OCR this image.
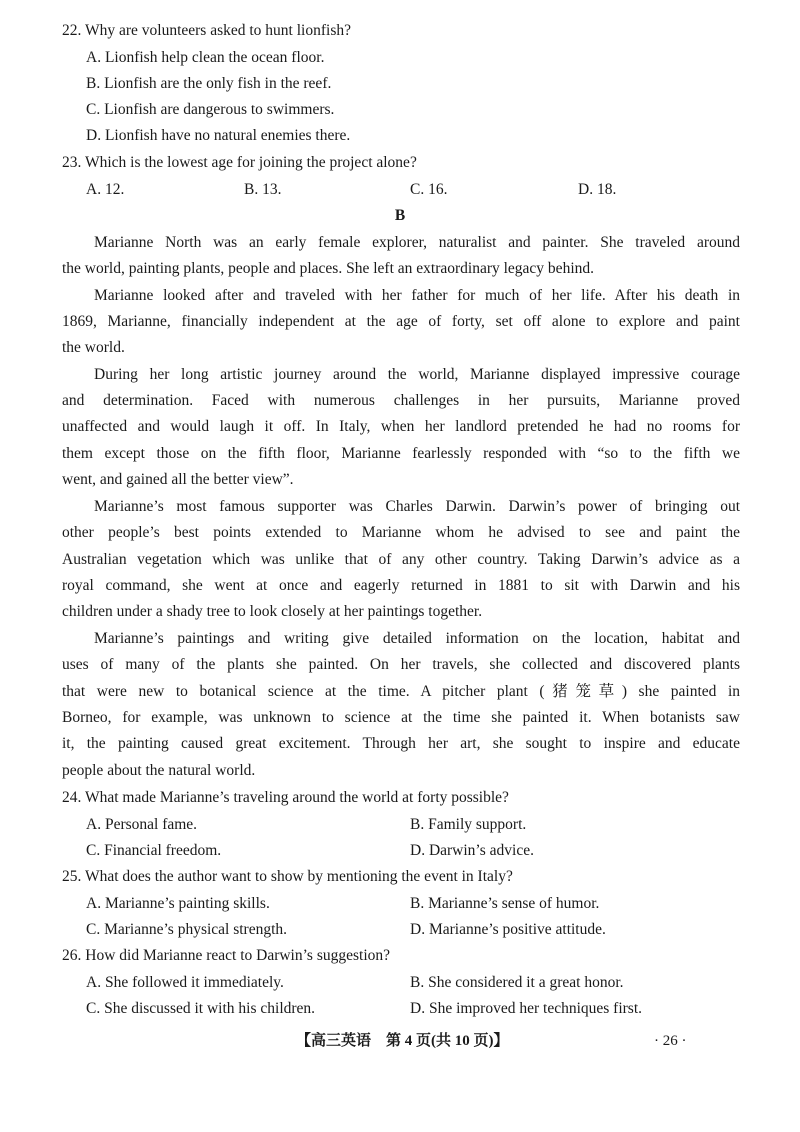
22. Why are volunteers asked to hunt lionfish?
A. Lionfish help clean the ocean floor.
B. Lionfish are the only fish in the reef.
C. Lionfish are dangerous to swimmers.
D. Lionfish have no natural enemies there.
23. Which is the lowest age for joining the project alone?
A. 12.	B. 13.	C. 16.	D. 18.
B
Marianne North was an early female explorer, naturalist and painter. She traveled around
the world, painting plants, people and places. She left an extraordinary legacy behind.
Marianne looked after and traveled with her father for much of her life. After his death in
1869, Marianne, financially independent at the age of forty, set off alone to explore and paint
the world.
During her long artistic journey around the world, Marianne displayed impressive courage
and determination. Faced with numerous challenges in her pursuits, Marianne proved
unaffected and would laugh it off. In Italy, when her landlord pretended he had no rooms for
them except those on the fifth floor, Marianne fearlessly responded with “so to the fifth we
went, and gained all the better view”.
Marianne’s most famous supporter was Charles Darwin. Darwin’s power of bringing out
other people’s best points extended to Marianne whom he advised to see and paint the
Australian vegetation which was unlike that of any other country. Taking Darwin’s advice as a
royal command, she went at once and eagerly returned in 1881 to sit with Darwin and his
children under a shady tree to look closely at her paintings together.
Marianne’s paintings and writing give detailed information on the location, habitat and
uses of many of the plants she painted. On her travels, she collected and discovered plants
that were new to botanical science at the time. A pitcher plant (猪笼草) she painted in
Borneo, for example, was unknown to science at the time she painted it. When botanists saw
it, the painting caused great excitement. Through her art, she sought to inspire and educate
people about the natural world.
24. What made Marianne’s traveling around the world at forty possible?
A. Personal fame.	B. Family support.
C. Financial freedom.	D. Darwin’s advice.
25. What does the author want to show by mentioning the event in Italy?
A. Marianne’s painting skills.	B. Marianne’s sense of humor.
C. Marianne’s physical strength.	D. Marianne’s positive attitude.
26. How did Marianne react to Darwin’s suggestion?
A. She followed it immediately.	B. She considered it a great honor.
C. She discussed it with his children.	D. She improved her techniques first.
【高三英语　第 4 页(共 10 页)】	· 26 ·
